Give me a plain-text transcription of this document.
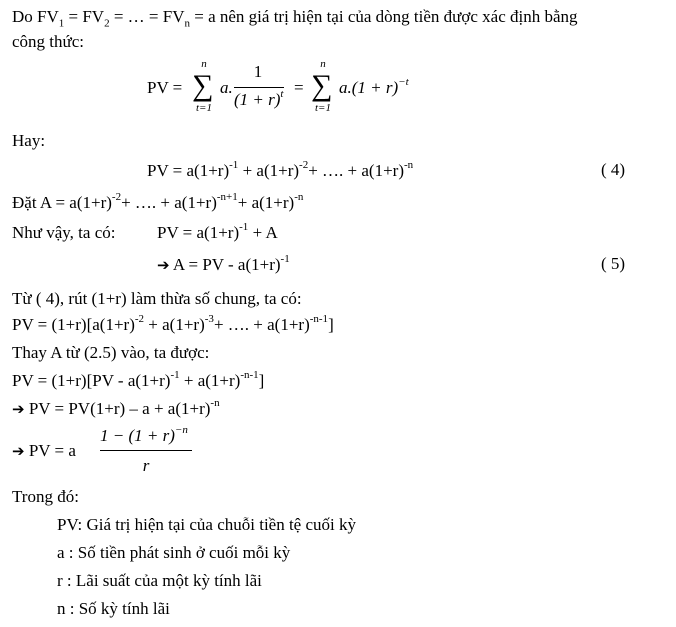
Do $FV_1 = FV_2$ = … = $FV_n = a$ nên giá trị hiện tại của dòng tiền được xác định bằng
công thức:
PV =
n
∑
t=1
a.
1
$(1 + r)^t$ =
n
∑
t=1
$a.(1 + r)^{-t}$
Hay:
PV = $a(1+r)^{-1} + a(1+r)^{-2}+$ …. + $a(1+r)^{-n}$	( 4)
Đặt $A = a(1+r)^{-2}+$ …. + $a(1+r)^{-n+1}+ a(1+r)^{-n}$
Như vậy, ta có: PV = $a(1+r)^{-1} + A$
➔ A = PV - $a(1+r)^{-1}$	( 5)
Từ ( 4), rút (1+r) làm thừa số chung, ta có:
PV = $(1+r)[a(1+r)^{-2} + a(1+r)^{-3}+$ …. + $a(1+r)^{-n-1}$]
Thay A từ (2.5) vào, ta được:
PV = $(1+r)[PV - a(1+r)^{-1} + a(1+r)^{-n-1}]$
➔ PV = $PV(1+r) - a + a(1+r)^{-n}$
➔ PV = a
$1 - (1 + r)^{-n}$
r
Trong đó:
PV: Giá trị hiện tại của chuỗi tiền tệ cuối kỳ
a : Số tiền phát sinh ở cuối mỗi kỳ
r : Lãi suất của một kỳ tính lãi
n : Số kỳ tính lãi
